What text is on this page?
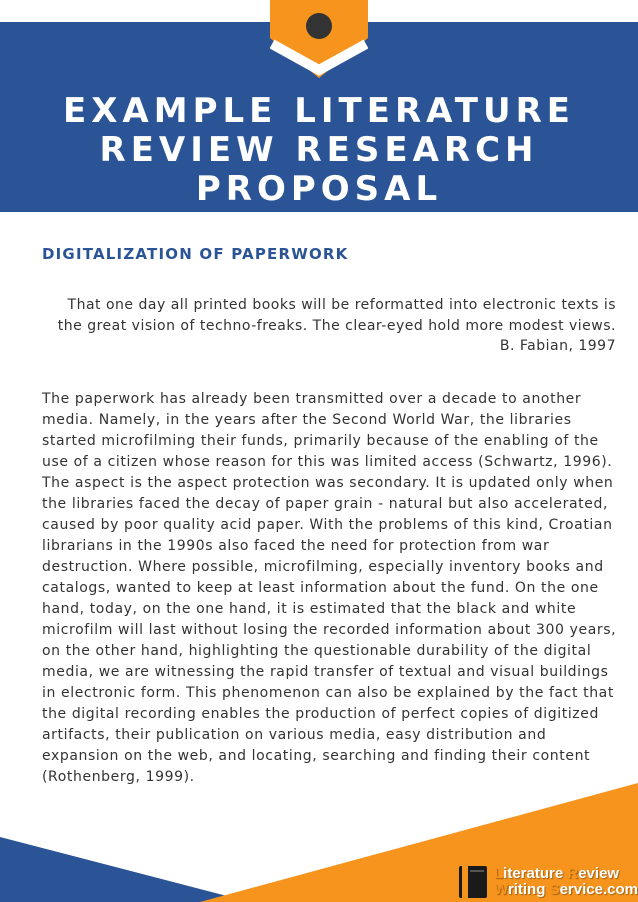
EXAMPLE LITERATURE
REVIEW RESEARCH
PROPOSAL
DIGITALIZATION OF PAPERWORK

That one day all printed books will be reformatted into electronic texts is the great vision of techno-freaks. The clear-eyed hold more modest views.

B. Fabian, 1997

The paperwork has already been transmitted over a decade to another media. Namely, in the years after the Second World War, the libraries started microfilming their funds, primarily because of the enabling of the use of a citizen whose reason for this was limited access (Schwartz, 1996). The aspect is the aspect protection was secondary. It is updated only when the libraries faced the decay of paper grain - natural but also accelerated, caused by poor quality acid paper. With the problems of this kind, Croatian librarians in the 1990s also faced the need for protection from war destruction. Where possible, microfilming, especially inventory books and catalogs, wanted to keep at least information about the fund. On the one hand, today, on the one hand, it is estimated that the black and white microfilm will last without losing the recorded information about 300 years, on the other hand, highlighting the questionable durability of the digital media, we are witnessing the rapid transfer of textual and visual buildings in electronic form. This phenomenon can also be explained by the fact that the digital recording enables the production of perfect copies of digitized artifacts, their publication on various media, easy distribution and expansion on the web, and locating, searching and finding their content (Rothenberg, 1999).

Literature Review
Writing Service.com
